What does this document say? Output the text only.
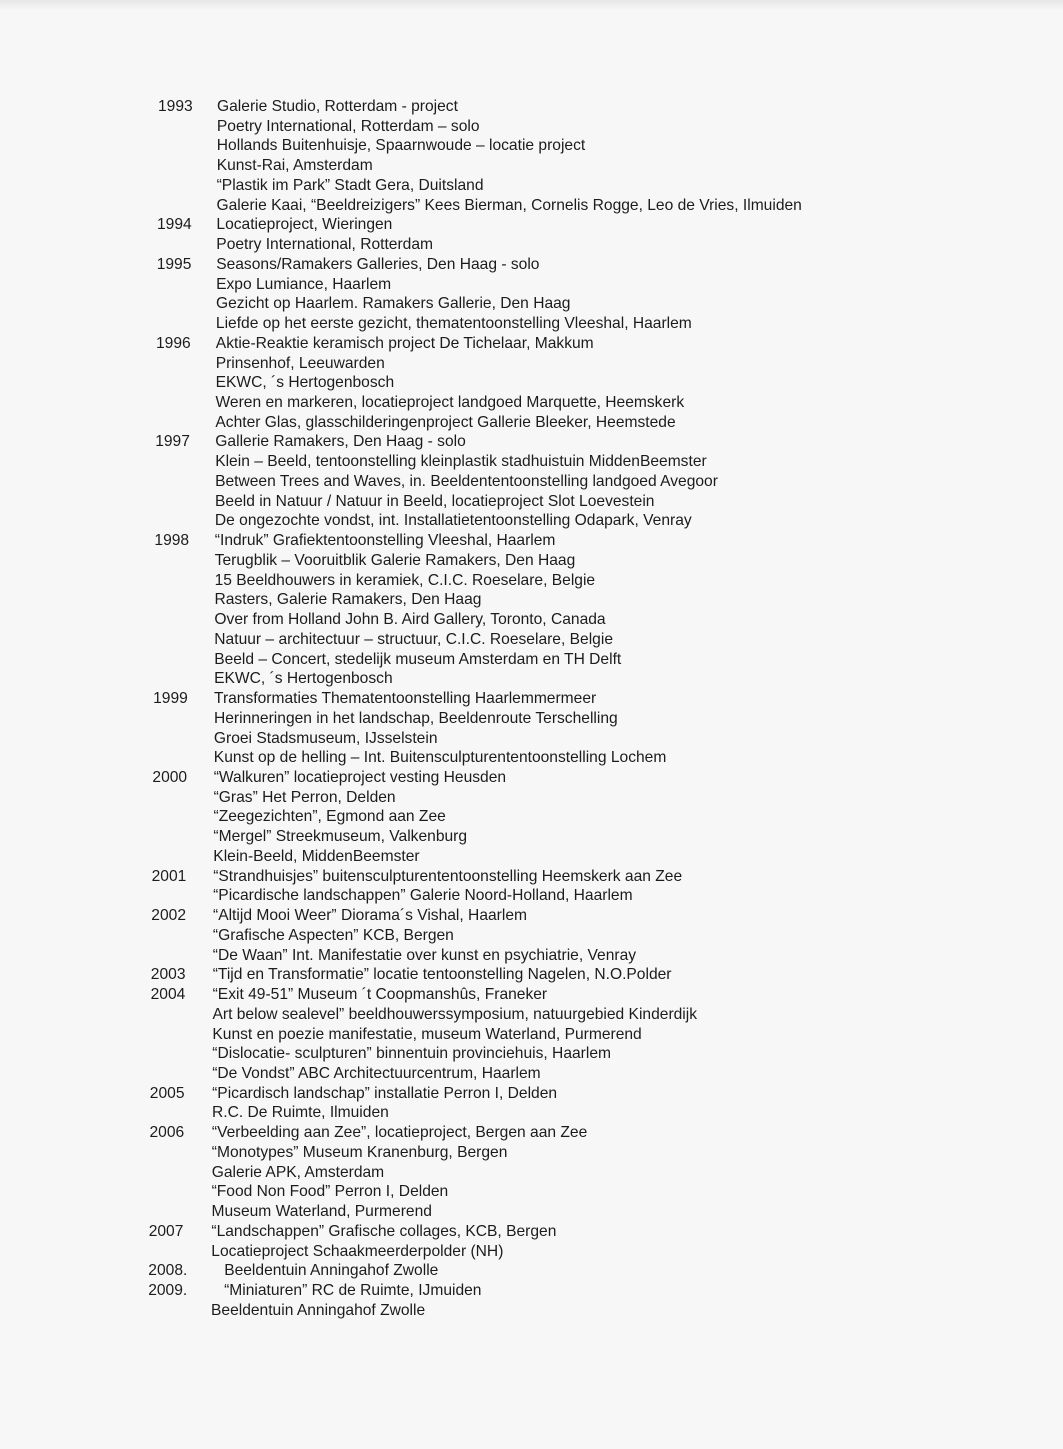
1993 Galerie Studio, Rotterdam - project
Poetry International, Rotterdam – solo
Hollands Buitenhuisje, Spaarnwoude – locatie project
Kunst-Rai, Amsterdam
“Plastik im Park” Stadt Gera, Duitsland
Galerie Kaai, “Beeldreizigers” Kees Bierman, Cornelis Rogge, Leo de Vries, Ilmuiden
1994 Locatieproject, Wieringen
Poetry International, Rotterdam
1995 Seasons/Ramakers Galleries, Den Haag - solo
Expo Lumiance, Haarlem
Gezicht op Haarlem. Ramakers Gallerie, Den Haag
Liefde op het eerste gezicht, thematentoonstelling Vleeshal, Haarlem
1996 Aktie-Reaktie keramisch project De Tichelaar, Makkum
Prinsenhof, Leeuwarden
EKWC, ´s Hertogenbosch
Weren en markeren, locatieproject landgoed Marquette, Heemskerk
Achter Glas, glasschilderingenproject Gallerie Bleeker, Heemstede
1997 Gallerie Ramakers, Den Haag - solo
Klein – Beeld, tentoonstelling kleinplastik stadhuistuin MiddenBeemster
Between Trees and Waves, in. Beeldententoonstelling landgoed Avegoor
Beeld in Natuur / Natuur in Beeld, locatieproject Slot Loevestein
De ongezochte vondst, int. Installatietentoonstelling Odapark, Venray
1998 “Indruk” Grafiektentoonstelling Vleeshal, Haarlem
Terugblik – Vooruitblik Galerie Ramakers, Den Haag
15 Beeldhouwers in keramiek, C.I.C. Roeselare, Belgie
Rasters, Galerie Ramakers, Den Haag
Over from Holland John B. Aird Gallery, Toronto, Canada
Natuur – architectuur – structuur, C.I.C. Roeselare, Belgie
Beeld – Concert, stedelijk museum Amsterdam en TH Delft
EKWC, ´s Hertogenbosch
1999 Transformaties Thematentoonstelling Haarlemmermeer
Herinneringen in het landschap, Beeldenroute Terschelling
Groei Stadsmuseum, IJsselstein
Kunst op de helling – Int. Buitensculpturententoonstelling Lochem
2000 “Walkuren” locatieproject vesting Heusden
“Gras” Het Perron, Delden
“Zeegezichten”, Egmond aan Zee
“Mergel” Streekmuseum, Valkenburg
Klein-Beeld, MiddenBeemster
2001 “Strandhuisjes” buitensculpturententoonstelling Heemskerk aan Zee
“Picardische landschappen” Galerie Noord-Holland, Haarlem
2002 “Altijd Mooi Weer” Diorama´s Vishal, Haarlem
“Grafische Aspecten” KCB, Bergen
“De Waan” Int. Manifestatie over kunst en psychiatrie, Venray
2003 “Tijd en Transformatie” locatie tentoonstelling Nagelen, N.O.Polder
2004 “Exit 49-51” Museum ´t Coopmanshûs, Franeker
Art below sealevel” beeldhouwerssymposium, natuurgebied Kinderdijk
Kunst en poezie manifestatie, museum Waterland, Purmerend
“Dislocatie- sculpturen” binnentuin provinciehuis, Haarlem
“De Vondst” ABC Architectuurcentrum, Haarlem
2005 “Picardisch landschap” installatie Perron I, Delden
R.C. De Ruimte, Ilmuiden
2006 “Verbeelding aan Zee”, locatieproject, Bergen aan Zee
“Monotypes” Museum Kranenburg, Bergen
Galerie APK, Amsterdam
“Food Non Food” Perron I, Delden
Museum Waterland, Purmerend
2007 “Landschappen” Grafische collages, KCB, Bergen
Locatieproject Schaakmeerderpolder (NH)
2008. Beeldentuin Anningahof Zwolle
2009. “Miniaturen” RC de Ruimte, IJmuiden
Beeldentuin Anningahof Zwolle
